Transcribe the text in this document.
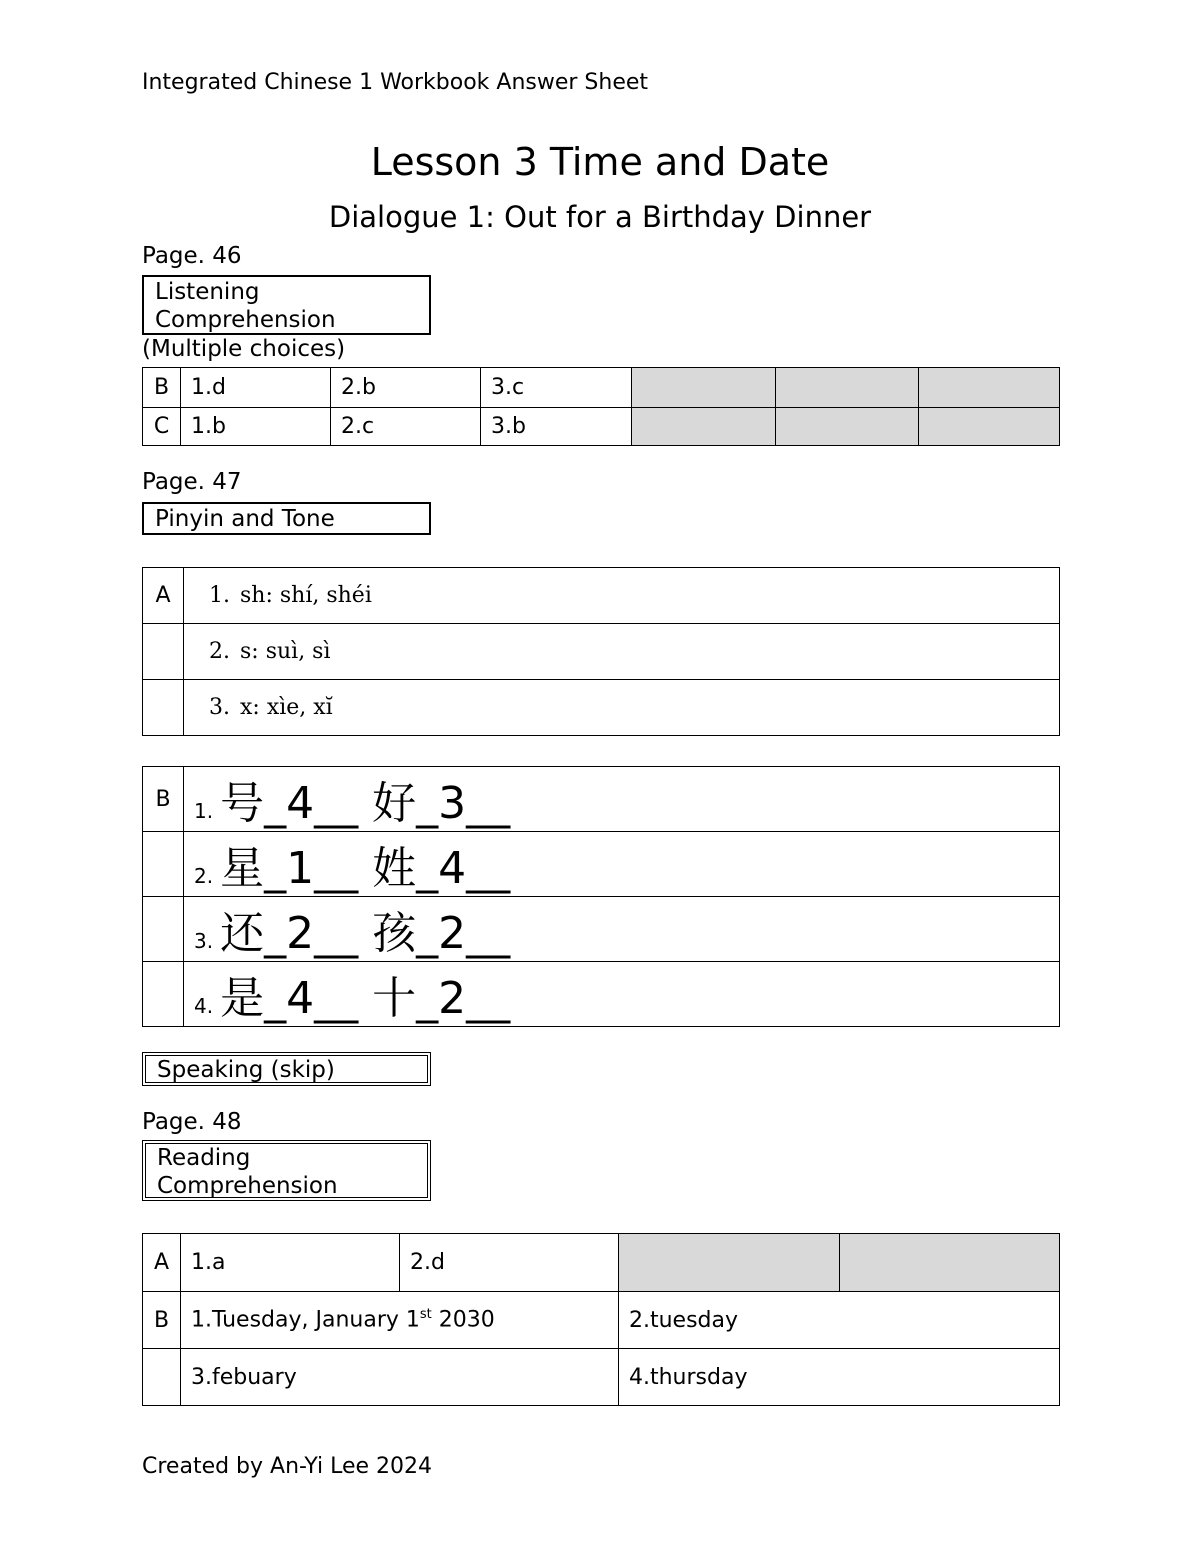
Integrated Chinese 1 Workbook Answer Sheet
Lesson 3 Time and Date
Dialogue 1: Out for a Birthday Dinner
Page. 46
Listening Comprehension
(Multiple choices)
B	1.d	2.b	3.c			
C	1.b	2.c	3.b			
Page. 47
Pinyin and Tone
A	1. sh: shí, shéi
	2. s: suì, sì
	3. x: xìe, xĭ
B	1. 号_4__ 好_3__
	2. 星_1__ 姓_4__
	3. 还_2__ 孩_2__
	4. 是_4__ 十_2__
Speaking (skip)
Page. 48
Reading Comprehension
A	1.a	2.d		
B	1.Tuesday, January 1st 2030		2.tuesday	
	3.febuary		4.thursday	
Created by An-Yi Lee 2024
